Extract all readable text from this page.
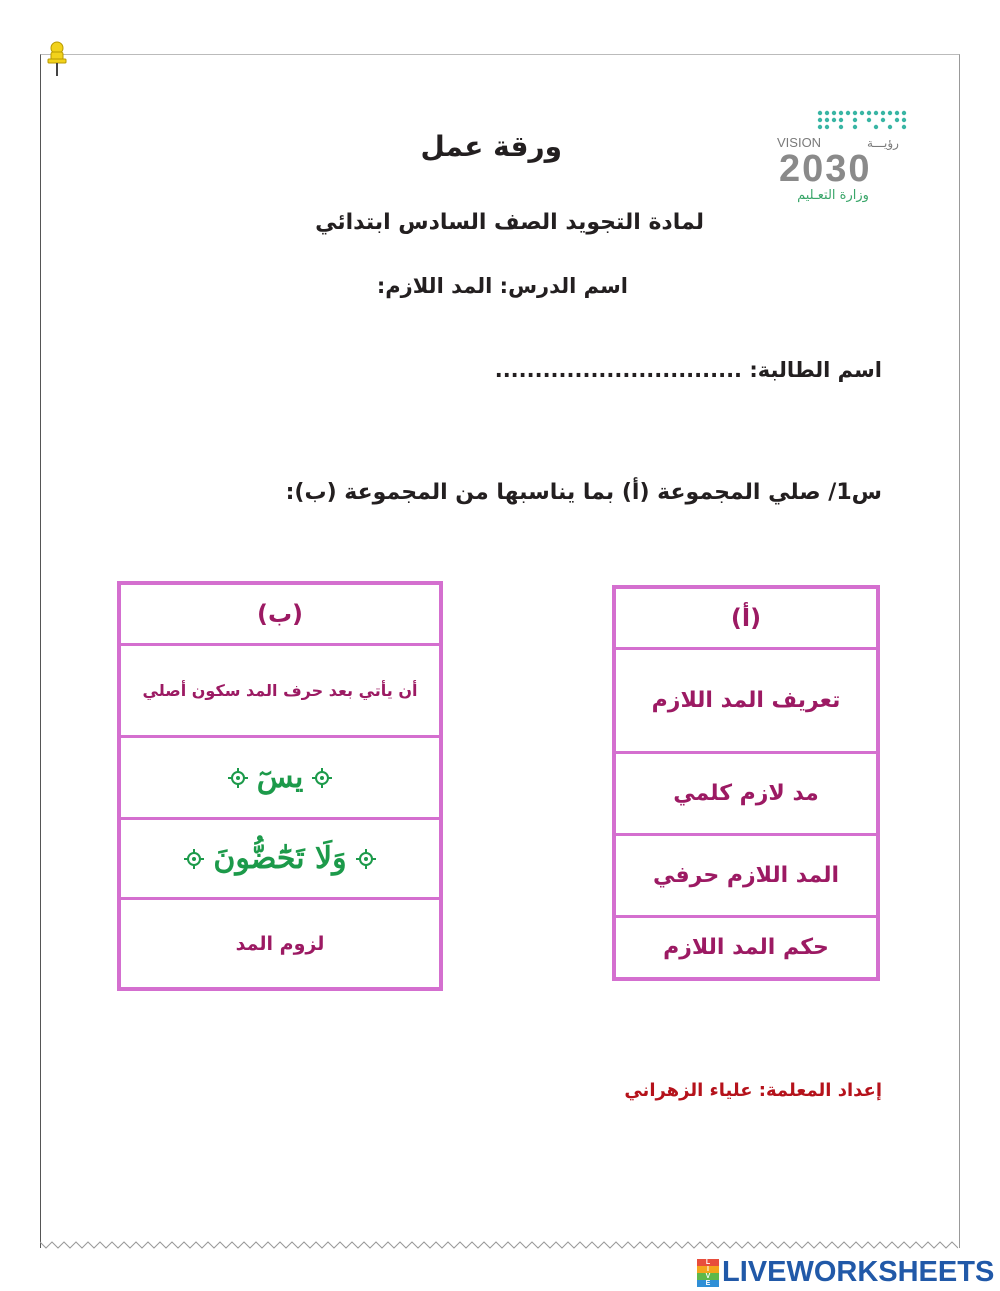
VISION	رؤيـــة
2030
وزارة التعـليم
ورقة عمل
لمادة التجويد الصف السادس ابتدائي
اسم الدرس: المد اللازم:
اسم الطالبة: ...............................
س1/ صلي المجموعة (أ) بما يناسبها من المجموعة (ب):
(أ)
تعريف المد اللازم
مد لازم كلمي
المد اللازم حرفي
حكم المد اللازم
(ب)
أن يأتي بعد حرف المد سكون أصلي
يسٓ
وَلَا تَحَٰٓضُّونَ
لزوم المد
إعداد المعلمة: علياء الزهراني
L
I
V
E LIVEWORKSHEETS
